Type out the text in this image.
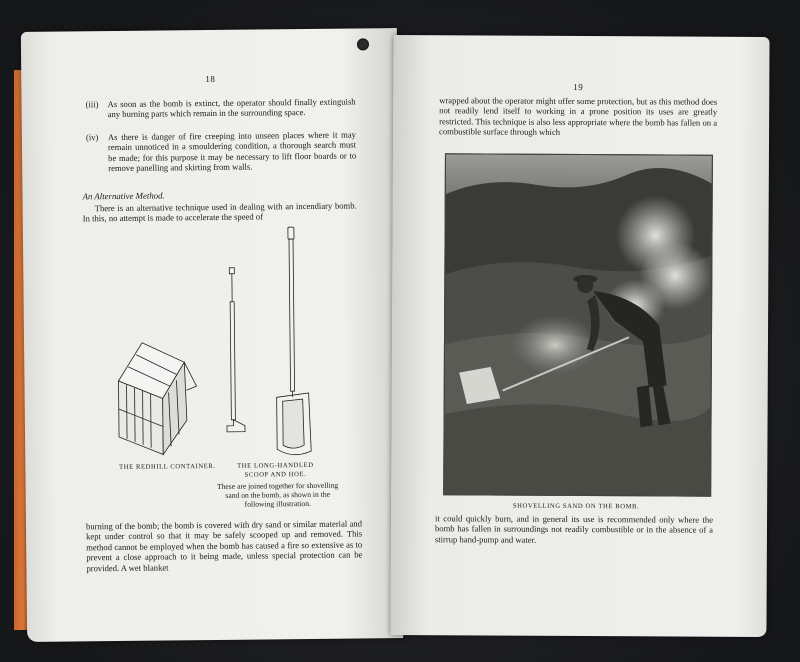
18
(iii) As soon as the bomb is extinct, the operator should finally extinguish any burning parts which remain in the surrounding space.
(iv) As there is danger of fire creeping into unseen places where it may remain unnoticed in a smouldering condition, a thorough search must be made; for this purpose it may be necessary to lift floor boards or to remove panelling and skirting from walls.
An Alternative Method.
There is an alternative technique used in dealing with an incendiary bomb. In this, no attempt is made to accelerate the speed of
THE REDHILL CONTAINER.	THE LONG-HANDLED SCOOP AND HOE.
These are joined together for shovelling sand on the bomb, as shown in the following illustration.
burning of the bomb; the bomb is covered with dry sand or similar material and kept under control so that it may be safely scooped up and removed. This method cannot be employed when the bomb has caused a fire so extensive as to prevent a close approach to it being made, unless special protection can be provided. A wet blanket
19
wrapped about the operator might offer some protection, but as this method does not readily lend itself to working in a prone position its uses are greatly restricted. This technique is also less appropriate where the bomb has fallen on a combustible surface through which
SHOVELLING SAND ON THE BOMB.
it could quickly burn, and in general its use is recommended only where the bomb has fallen in surroundings not readily combustible or in the absence of a stirrup hand-pump and water.
